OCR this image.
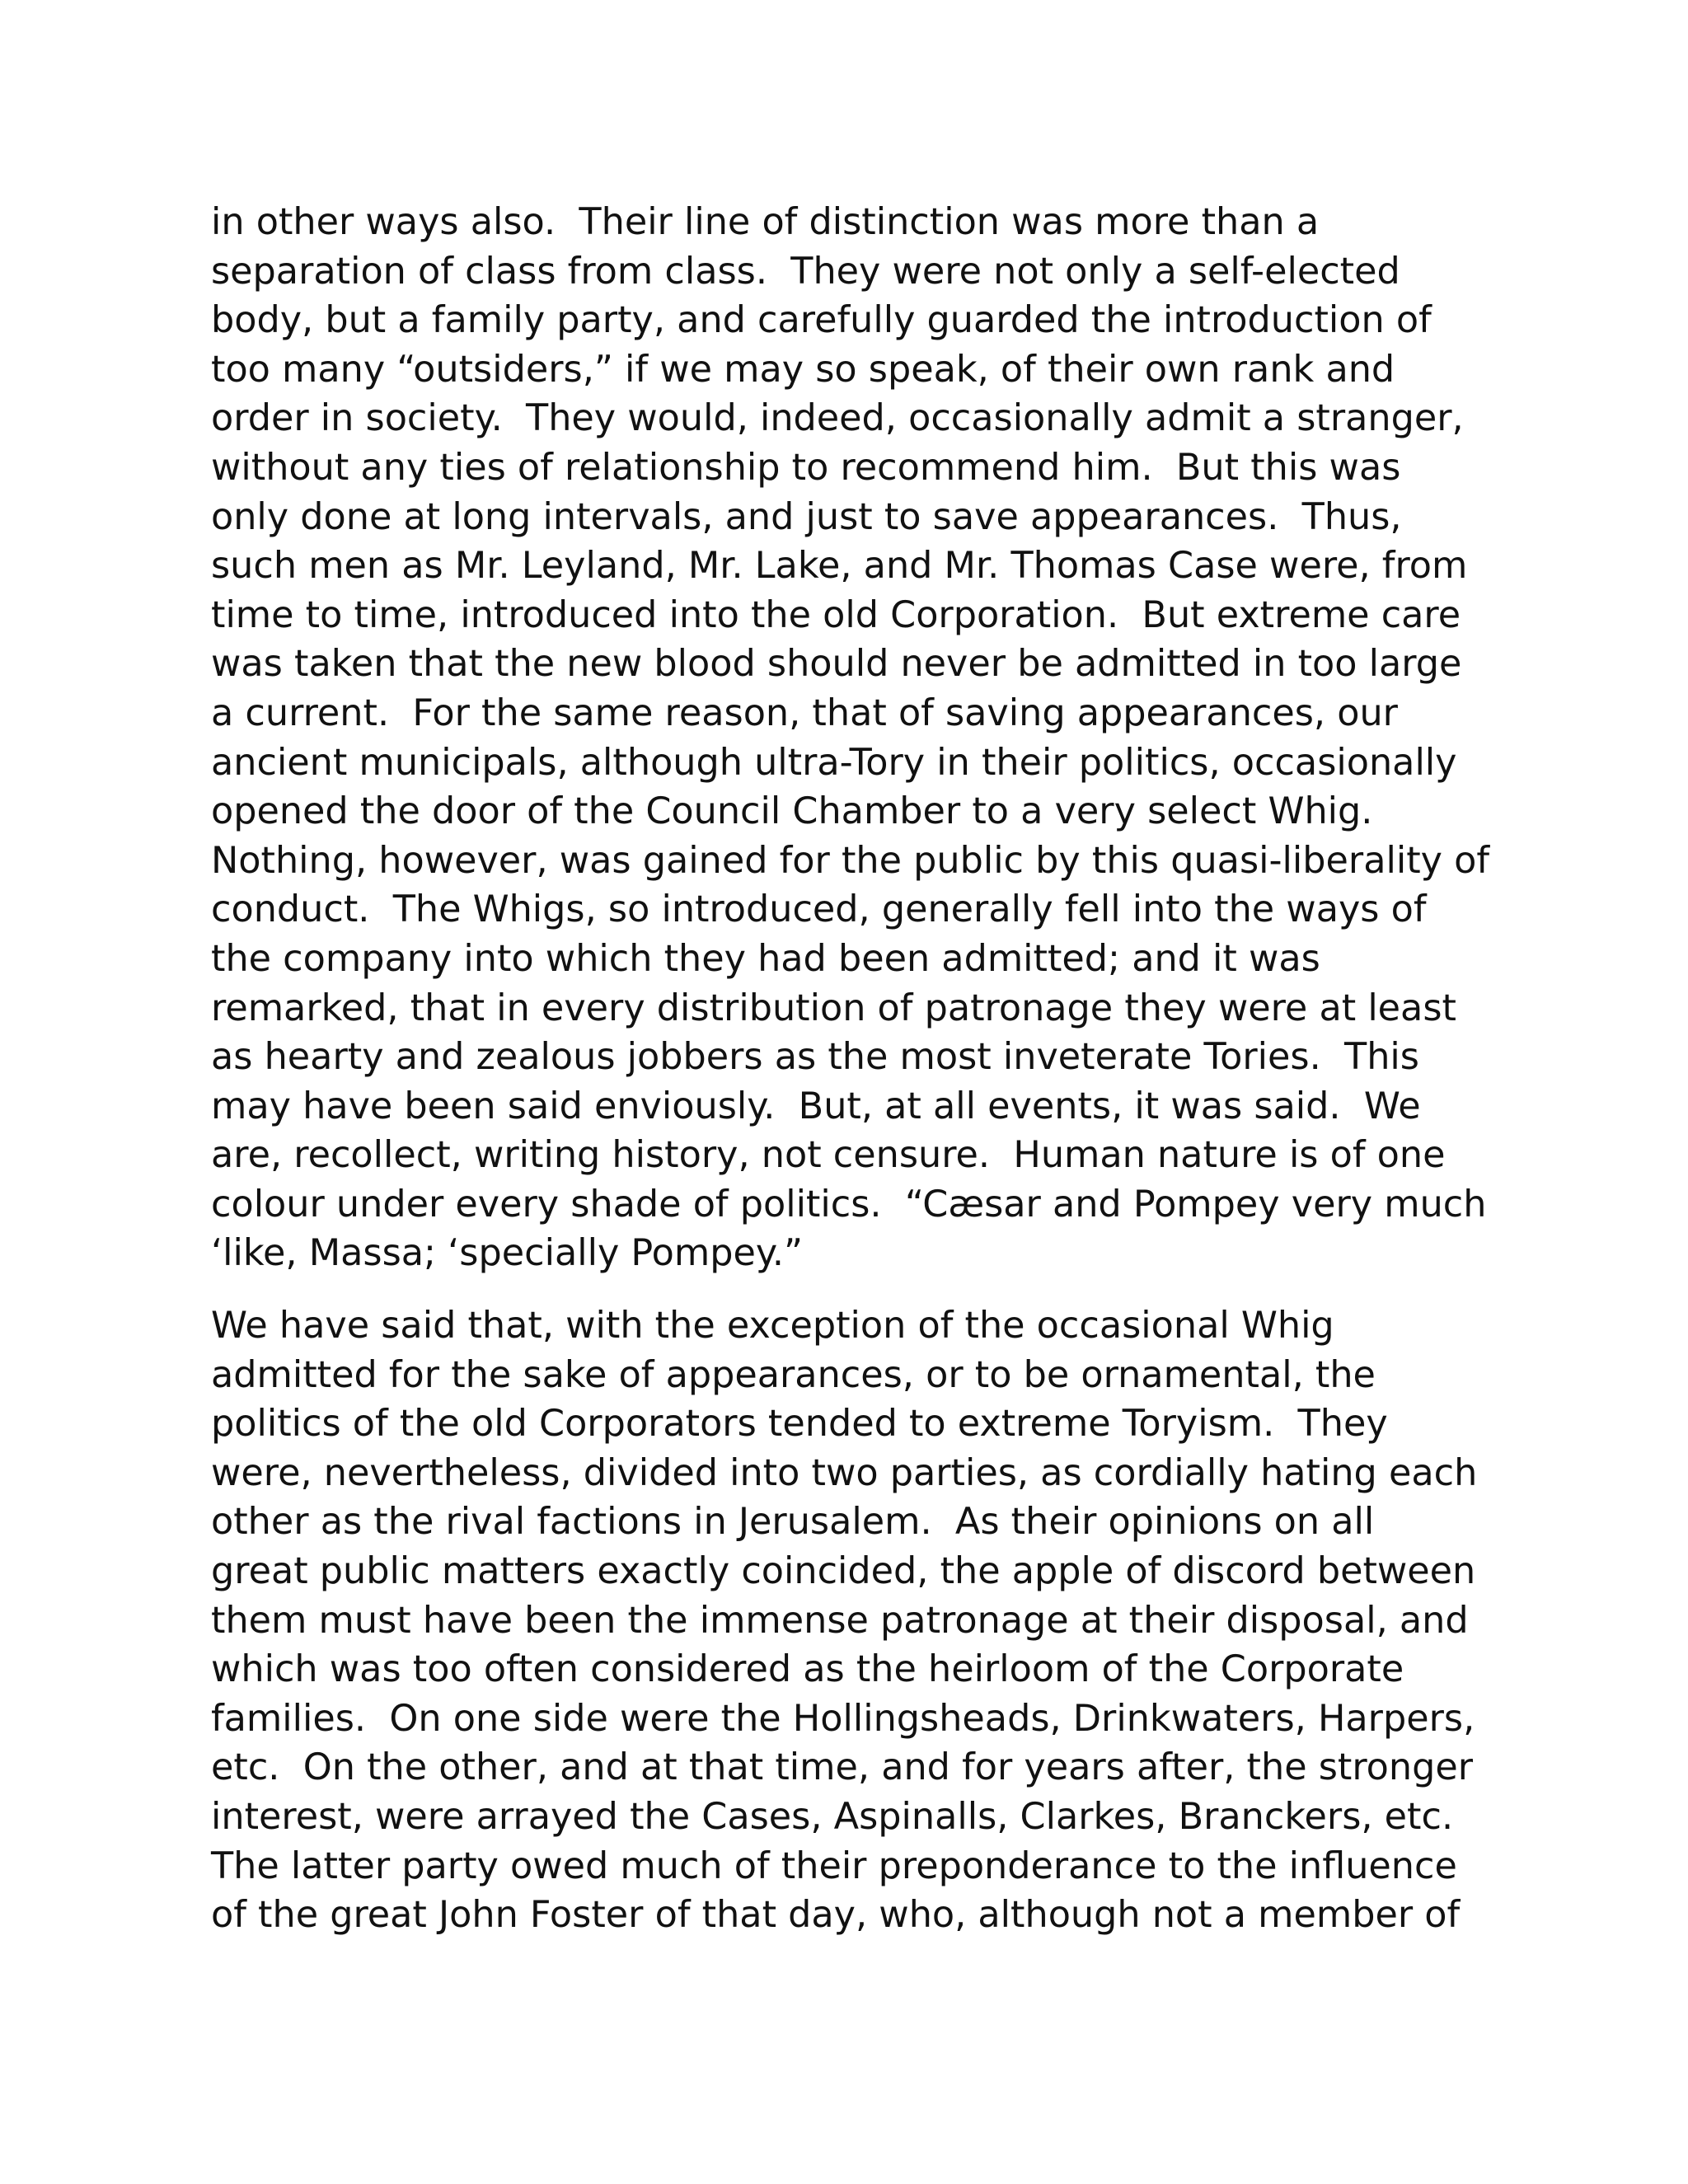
in other ways also.  Their line of distinction was more than a
separation of class from class.  They were not only a self-elected
body, but a family party, and carefully guarded the introduction of
too many “outsiders,” if we may so speak, of their own rank and
order in society.  They would, indeed, occasionally admit a stranger,
without any ties of relationship to recommend him.  But this was
only done at long intervals, and just to save appearances.  Thus,
such men as Mr. Leyland, Mr. Lake, and Mr. Thomas Case were, from
time to time, introduced into the old Corporation.  But extreme care
was taken that the new blood should never be admitted in too large
a current.  For the same reason, that of saving appearances, our
ancient municipals, although ultra-Tory in their politics, occasionally
opened the door of the Council Chamber to a very select Whig.
Nothing, however, was gained for the public by this quasi-liberality of
conduct.  The Whigs, so introduced, generally fell into the ways of
the company into which they had been admitted; and it was
remarked, that in every distribution of patronage they were at least
as hearty and zealous jobbers as the most inveterate Tories.  This
may have been said enviously.  But, at all events, it was said.  We
are, recollect, writing history, not censure.  Human nature is of one
colour under every shade of politics.  “Cæsar and Pompey very much
‘like, Massa; ‘specially Pompey.”
We have said that, with the exception of the occasional Whig
admitted for the sake of appearances, or to be ornamental, the
politics of the old Corporators tended to extreme Toryism.  They
were, nevertheless, divided into two parties, as cordially hating each
other as the rival factions in Jerusalem.  As their opinions on all
great public matters exactly coincided, the apple of discord between
them must have been the immense patronage at their disposal, and
which was too often considered as the heirloom of the Corporate
families.  On one side were the Hollingsheads, Drinkwaters, Harpers,
etc.  On the other, and at that time, and for years after, the stronger
interest, were arrayed the Cases, Aspinalls, Clarkes, Branckers, etc.
The latter party owed much of their preponderance to the influence
of the great John Foster of that day, who, although not a member of
